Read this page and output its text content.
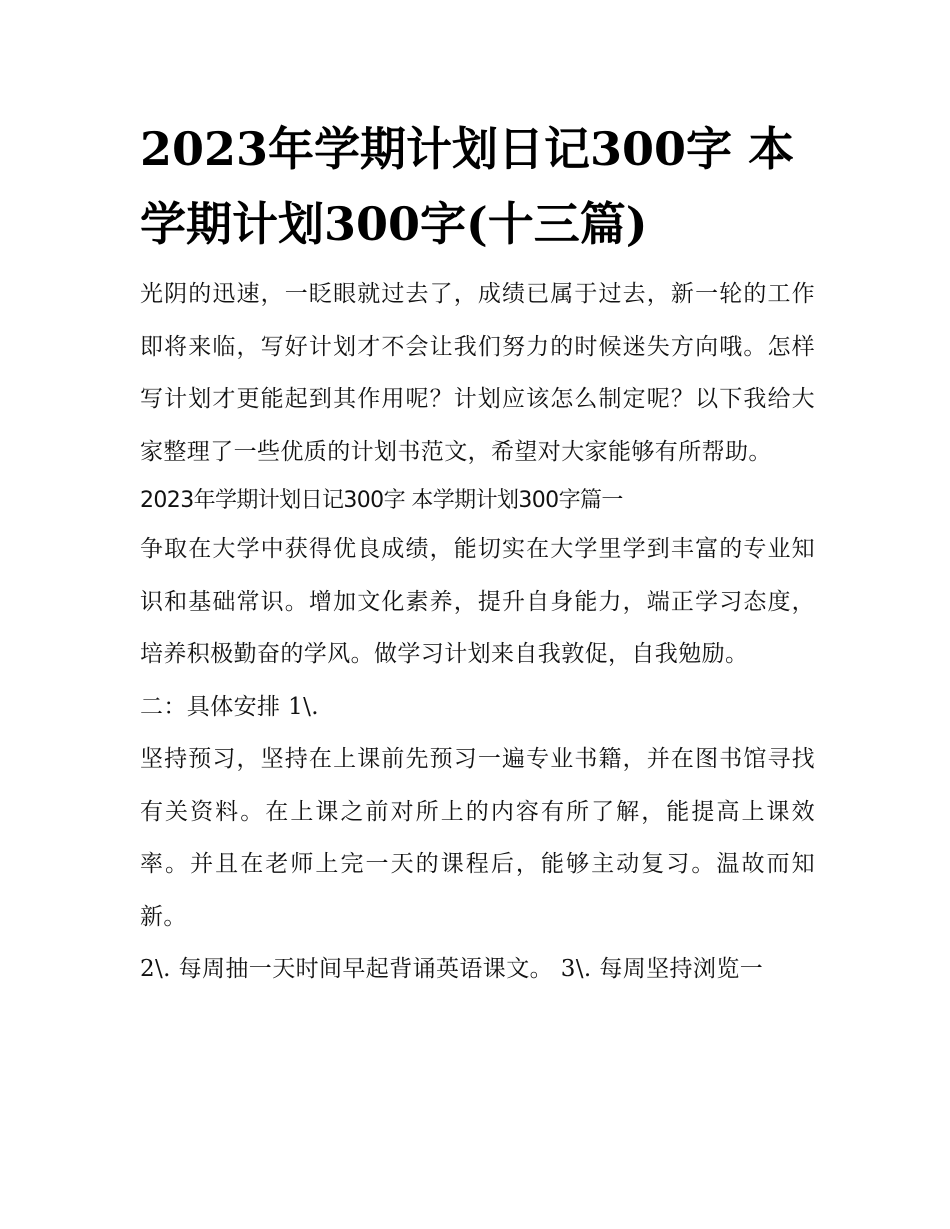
2023年学期计划日记300字 本学期计划300字(十三篇)

光阴的迅速，一眨眼就过去了，成绩已属于过去，新一轮的工作即将来临，写好计划才不会让我们努力的时候迷失方向哦。怎样写计划才更能起到其作用呢？计划应该怎么制定呢？以下我给大家整理了一些优质的计划书范文，希望对大家能够有所帮助。

2023年学期计划日记300字 本学期计划300字篇一

争取在大学中获得优良成绩，能切实在大学里学到丰富的专业知识和基础常识。增加文化素养，提升自身能力，端正学习态度，培养积极勤奋的学风。做学习计划来自我敦促，自我勉励。

二：具体安排 1\.

坚持预习，坚持在上课前先预习一遍专业书籍，并在图书馆寻找有关资料。在上课之前对所上的内容有所了解，能提高上课效率。并且在老师上完一天的课程后，能够主动复习。温故而知新。

2\. 每周抽一天时间早起背诵英语课文。 3\. 每周坚持浏览一
